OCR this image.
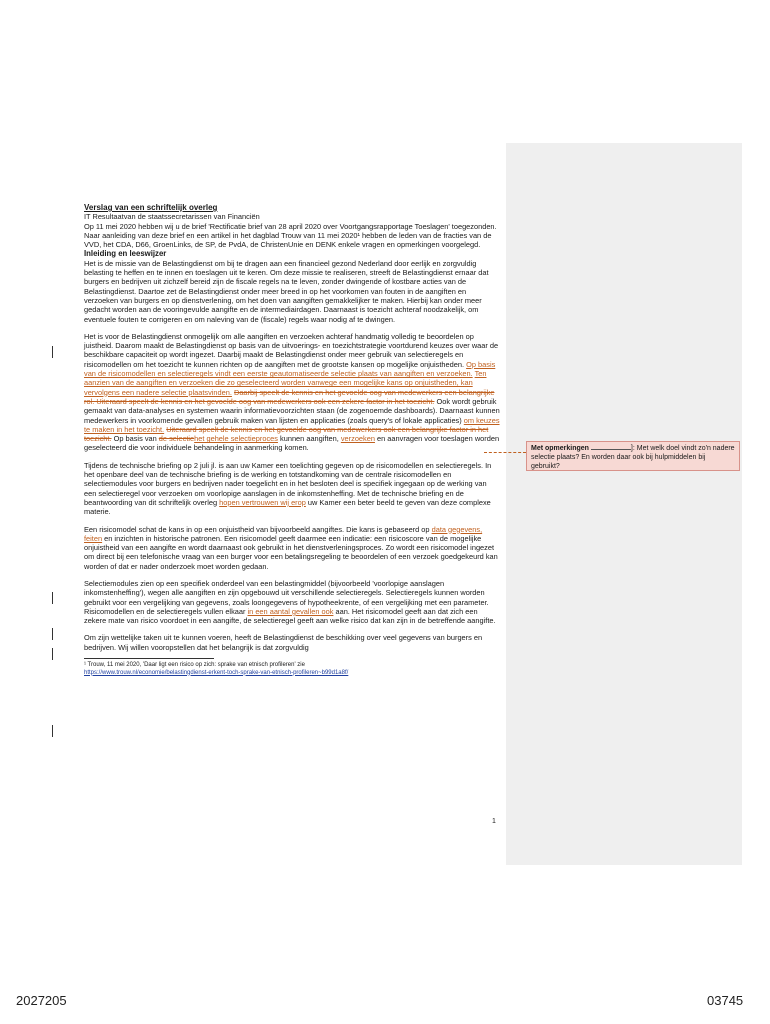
Verslag van een schriftelijk overleg
IT Resultaatvan de staatssecretarissen van Financiën
Op 11 mei 2020 hebben wij u de brief 'Rectificatie brief van 28 april 2020 over Voortgangsrapportage Toeslagen' toegezonden. Naar aanleiding van deze brief en een artikel in het dagblad Trouw van 11 mei 2020¹ hebben de leden van de fracties van de VVD, het CDA, D66, GroenLinks, de SP, de PvdA, de ChristenUnie en DENK enkele vragen en opmerkingen voorgelegd.

Inleiding en leeswijzer

Het is de missie van de Belastingdienst om bij te dragen aan een financieel gezond Nederland door eerlijk en zorgvuldig belasting te heffen en te innen en toeslagen uit te keren. Om deze missie te realiseren, streeft de Belastingdienst ernaar dat burgers en bedrijven uit zichzelf bereid zijn de fiscale regels na te leven, zonder dwingende of kostbare acties van de Belastingdienst. Daartoe zet de Belastingdienst onder meer breed in op het voorkomen van fouten in de aangiften en verzoeken van burgers en op dienstverlening, om het doen van aangiften gemakkelijker te maken. Hierbij kan onder meer gedacht worden aan de vooringevulde aangifte en de intermediairdagen. Daarnaast is toezicht achteraf noodzakelijk, om eventuele fouten te corrigeren en om naleving van de (fiscale) regels waar nodig af te dwingen.

Het is voor de Belastingdienst onmogelijk om alle aangiften en verzoeken achteraf handmatig volledig te beoordelen op juistheid. Daarom maakt de Belastingdienst op basis van de uitvoerings- en toezichtstrategie voortdurend keuzes over waar de beschikbare capaciteit op wordt ingezet. Daarbij maakt de Belastingdienst onder meer gebruik van selectieregels en risicomodellen om het toezicht te kunnen richten op de aangiften met de grootste kansen op mogelijke onjuistheden. Op basis van de risicomodellen en selectieregels vindt een eerste geautomatiseerde selectie plaats van aangiften en verzoeken. Ten aanzien van de aangiften en verzoeken die zo geselecteerd worden vanwege een mogelijke kans op onjuistheden, kan vervolgens een nadere selectie plaatsvinden. Daarbij speelt de kennis en het gevoelde oog van medewerkers een belangrijke rol. Uiteraard speelt de kennis en het gevoelde oog van medewerkers ook een zekere factor in het toezicht. Ook wordt gebruik gemaakt van data-analyses en systemen waarin informatievoorzichten staan (de zogenoemde dashboards). Daarnaast kunnen medewerkers in voorkomende gevallen gebruik maken van lijsten en applicaties (zoals query's of lokale applicaties) om keuzes te maken in het toezicht. Uiteraard speelt de kennis en het gevoelde oog van medewerkers ook een belangrijke factor in het toezicht. Op basis van de selectiehet gehele selectieproces kunnen aangiften, verzoeken en aanvragen voor toeslagen worden geselecteerd die voor individuele behandeling in aanmerking komen.

Tijdens de technische briefing op 2 juli jl. is aan uw Kamer een toelichting gegeven op de risicomodellen en selectieregels. In het openbare deel van de technische briefing is de werking en totstandkoming van de centrale risicomodellen en selectiemodules voor burgers en bedrijven nader toegelicht en in het besloten deel is specifiek ingegaan op de werking van een selectieregel voor verzoeken om voorlopige aanslagen in de inkomstenheffing. Met de technische briefing en de beantwoording van dit schriftelijk overleg hopen vertrouwen wij erop uw Kamer een beter beeld te geven van deze complexe materie.

Een risicomodel schat de kans in op een onjuistheid van bijvoorbeeld aangiftes. Die kans is gebaseerd op data gegevens, feiten en inzichten in historische patronen. Een risicomodel geeft daarmee een indicatie: een risicoscore van de mogelijke onjuistheid van een aangifte en wordt daarnaast ook gebruikt in het dienstverleningsproces. Zo wordt een risicomodel ingezet om direct bij een telefonische vraag van een burger voor een betalingsregeling te beoordelen of een verzoek goedgekeurd kan worden of dat er nader onderzoek moet worden gedaan.

Selectiemodules zien op een specifiek onderdeel van een belastingmiddel (bijvoorbeeld 'voorlopige aanslagen inkomstenheffing'), wegen alle aangiften en zijn opgebouwd uit verschillende selectieregels. Selectieregels kunnen worden gebruikt voor een vergelijking van gegevens, zoals loongegevens of hypotheekrente, of een vergelijking met een parameter. Risicomodellen en de selectieregels vullen elkaar in een aantal gevallen ook aan. Het risicomodel geeft aan dat zich een zekere mate van risico voordoet in een aangifte, de selectieregel geeft aan welke risico dat kan zijn in de betreffende aangifte.

Om zijn wettelijke taken uit te kunnen voeren, heeft de Belastingdienst de beschikking over veel gegevens van burgers en bedrijven. Wij willen vooropstellen dat het belangrijk is dat zorgvuldig

¹ Trouw, 11 mei 2020, 'Daar ligt een risico op zich: sprake van etnisch profileren' zie
https://www.trouw.nl/economie/belastingdienst-erkent-toch-sprake-van-etnisch-profileren~b99d1a8f/
1
Met opmerkingen	]: Met welk doel vindt zo'n nadere selectie plaats? En worden daar ook bij hulpmiddelen bij gebruikt?
2027205	03745
